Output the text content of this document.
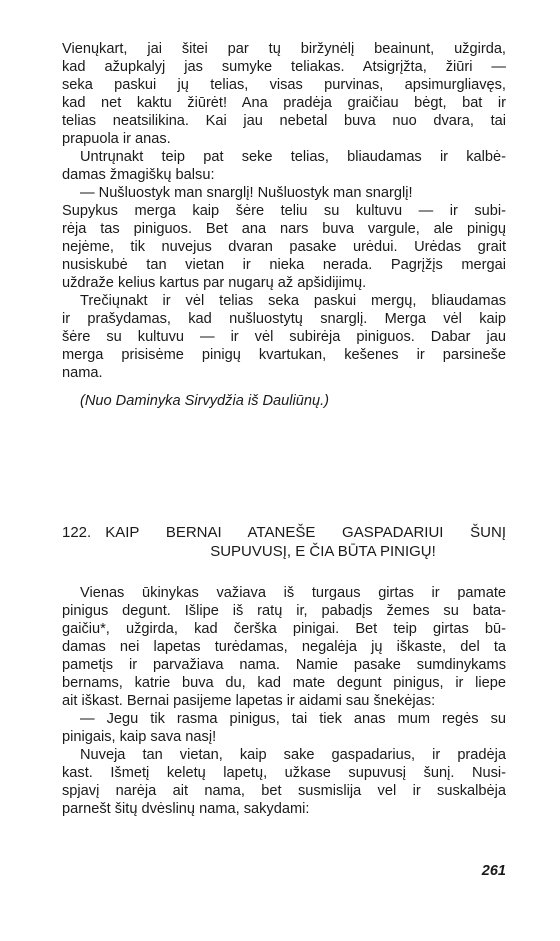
Vienųkart, jai šitei par tų biržynėlį beainunt, užgirda,
kad ažupkalyj jas sumyke teliakas. Atsigrįžta, žiūri —
seka paskui jų telias, visas purvinas, apsimurgliavęs,
kad net kaktu žiūrėt! Ana pradėja graičiau bėgt, bat ir
telias neatsilikina. Kai jau nebetal buva nuo dvara, tai
prapuola ir anas.
Untrųnakt teip pat seke telias, bliaudamas ir kalbė-
damas žmagiškų balsu:
— Nušluostyk man snarglį! Nušluostyk man snarglį!
Supykus merga kaip šėre teliu su kultuvu — ir subi-
rėja tas piniguos. Bet ana nars buva vargule, ale pinigų
nejėme, tik nuvejus dvaran pasake urėdui. Urėdas grait
nusiskubė tan vietan ir nieka nerada. Pagrįžįs mergai
uždraže kelius kartus par nugarų až apšidijimų.
Trečiųnakt ir vėl telias seka paskui mergų, bliaudamas
ir prašydamas, kad nušluostytų snarglį. Merga vėl kaip
šėre su kultuvu — ir vėl subirėja piniguos. Dabar jau
merga prisisėme pinigų kvartukan, kešenes ir parsineše
nama.
(Nuo Daminyka Sirvydžia iš Dauliūnų.)
122. KAIP BERNAI ATANEŠE GASPADARIUI ŠUNĮ
SUPUVUSĮ, E ČIA BŪTA PINIGŲ!
Vienas ūkinykas važiava iš turgaus girtas ir pamate
pinigus degunt. Išlipe iš ratų ir, pabadįs žemes su bata-
gaičiu*, užgirda, kad čerška pinigai. Bet teip girtas bū-
damas nei lapetas turėdamas, negalėja jų iškaste, del ta
pametįs ir parvažiava nama. Namie pasake sumdinykams
bernams, katrie buva du, kad mate degunt pinigus, ir liepe
ait iškast. Bernai pasijeme lapetas ir aidami sau šnekėjas:
— Jegu tik rasma pinigus, tai tiek anas mum regės su
pinigais, kaip sava nasį!
Nuveja tan vietan, kaip sake gaspadarius, ir pradėja
kast. Išmetį keletų lapetų, užkase supuvusį šunį. Nusi-
spjavį narėja ait nama, bet susmislija vel ir suskalbėja
parnešt šitų dvėslinų nama, sakydami:
261
